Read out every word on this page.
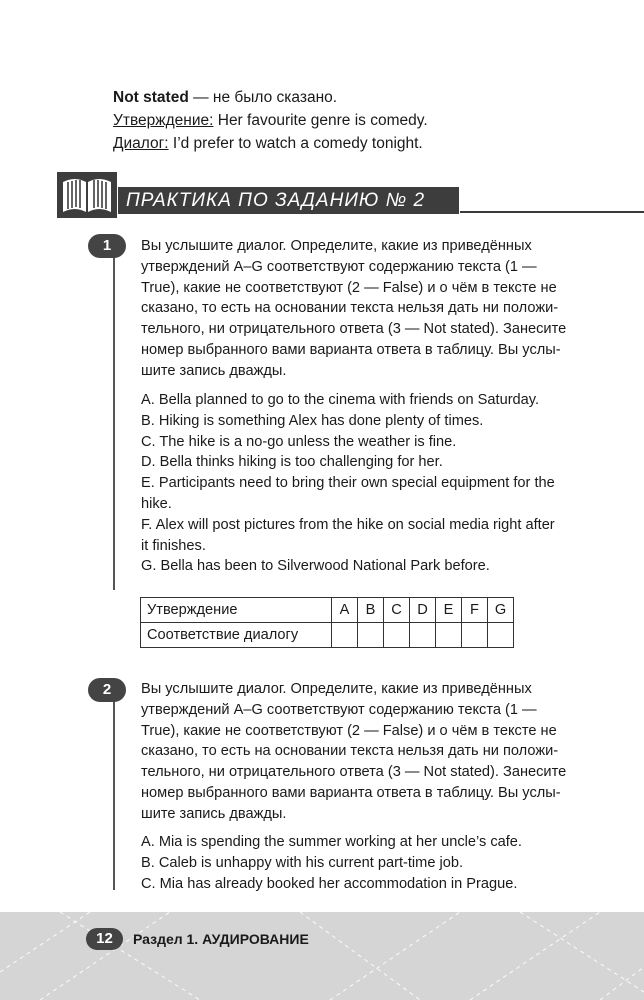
Not stated — не было сказано.
Утверждение: Her favourite genre is comedy.
Диалог: I’d prefer to watch a comedy tonight.
ПРАКТИКА ПО ЗАДАНИЮ № 2
1	Вы услышите диалог. Определите, какие из приведённых
утверждений A–G соответствуют содержанию текста (1 —
True), какие не соответствуют (2 — False) и о чём в тексте не
сказано, то есть на основании текста нельзя дать ни положи-
тельного, ни отрицательного ответа (3 — Not stated). Занесите
номер выбранного вами варианта ответа в таблицу. Вы услы-
шите запись дважды.
A. Bella planned to go to the cinema with friends on Saturday.
B. Hiking is something Alex has done plenty of times.
C. The hike is a no-go unless the weather is fine.
D. Bella thinks hiking is too challenging for her.
E. Participants need to bring their own special equipment for the
hike.
F. Alex will post pictures from the hike on social media right after
it finishes.
G. Bella has been to Silverwood National Park before.
Утверждение	A	B	C	D	E	F	G
Соответствие диалогу							
2	Вы услышите диалог. Определите, какие из приведённых
утверждений A–G соответствуют содержанию текста (1 —
True), какие не соответствуют (2 — False) и о чём в тексте не
сказано, то есть на основании текста нельзя дать ни положи-
тельного, ни отрицательного ответа (3 — Not stated). Занесите
номер выбранного вами варианта ответа в таблицу. Вы услы-
шите запись дважды.
A. Mia is spending the summer working at her uncle’s cafe.
B. Caleb is unhappy with his current part-time job.
C. Mia has already booked her accommodation in Prague.
12	Раздел 1. АУДИРОВАНИЕ
